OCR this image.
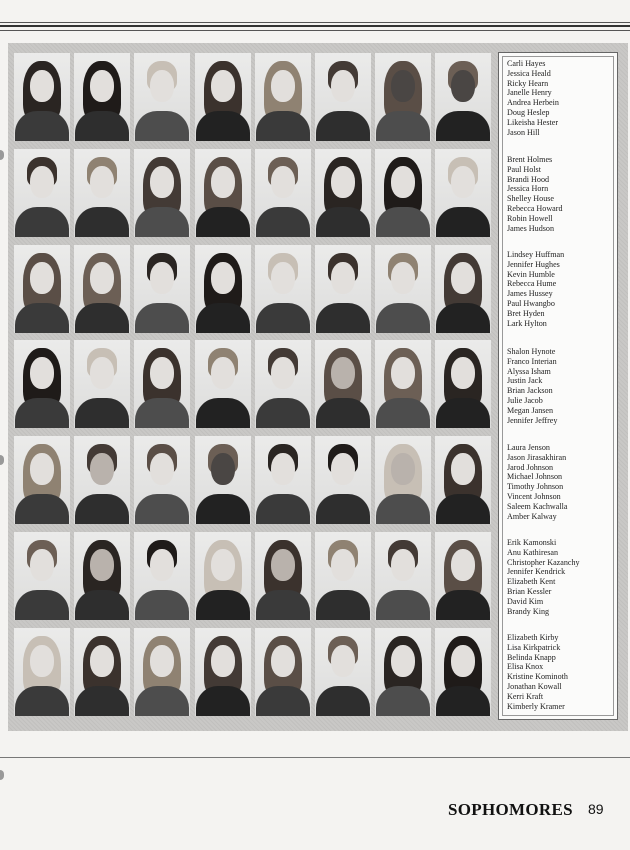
Carli Hayes
Jessica Heald
Ricky Hearn
Janelle Henry
Andrea Herbein
Doug Heslep
Likeisha Hester
Jason Hill
Brent Holmes
Paul Holst
Brandi Hood
Jessica Horn
Shelley House
Rebecca Howard
Robin Howell
James Hudson
Lindsey Huffman
Jennifer Hughes
Kevin Humble
Rebecca Hume
James Hussey
Paul Hwangbo
Bret Hyden
Lark Hylton
Shalon Hynote
Franco Interian
Alyssa Isham
Justin Jack
Brian Jackson
Julie Jacob
Megan Jansen
Jennifer Jeffrey
Laura Jenson
Jason Jirasakhiran
Jarod Johnson
Michael Johnson
Timothy Johnson
Vincent Johnson
Saleem Kachwalla
Amber Kalway
Erik Kamonski
Anu Kathiresan
Christopher Kazanchy
Jennifer Kendrick
Elizabeth Kent
Brian Kessler
David Kim
Brandy King
Elizabeth Kirby
Lisa Kirkpatrick
Belinda Knapp
Elisa Knox
Kristine Kominoth
Jonathan Kowall
Kerri Kraft
Kimberly Kramer
SOPHOMORES 89
